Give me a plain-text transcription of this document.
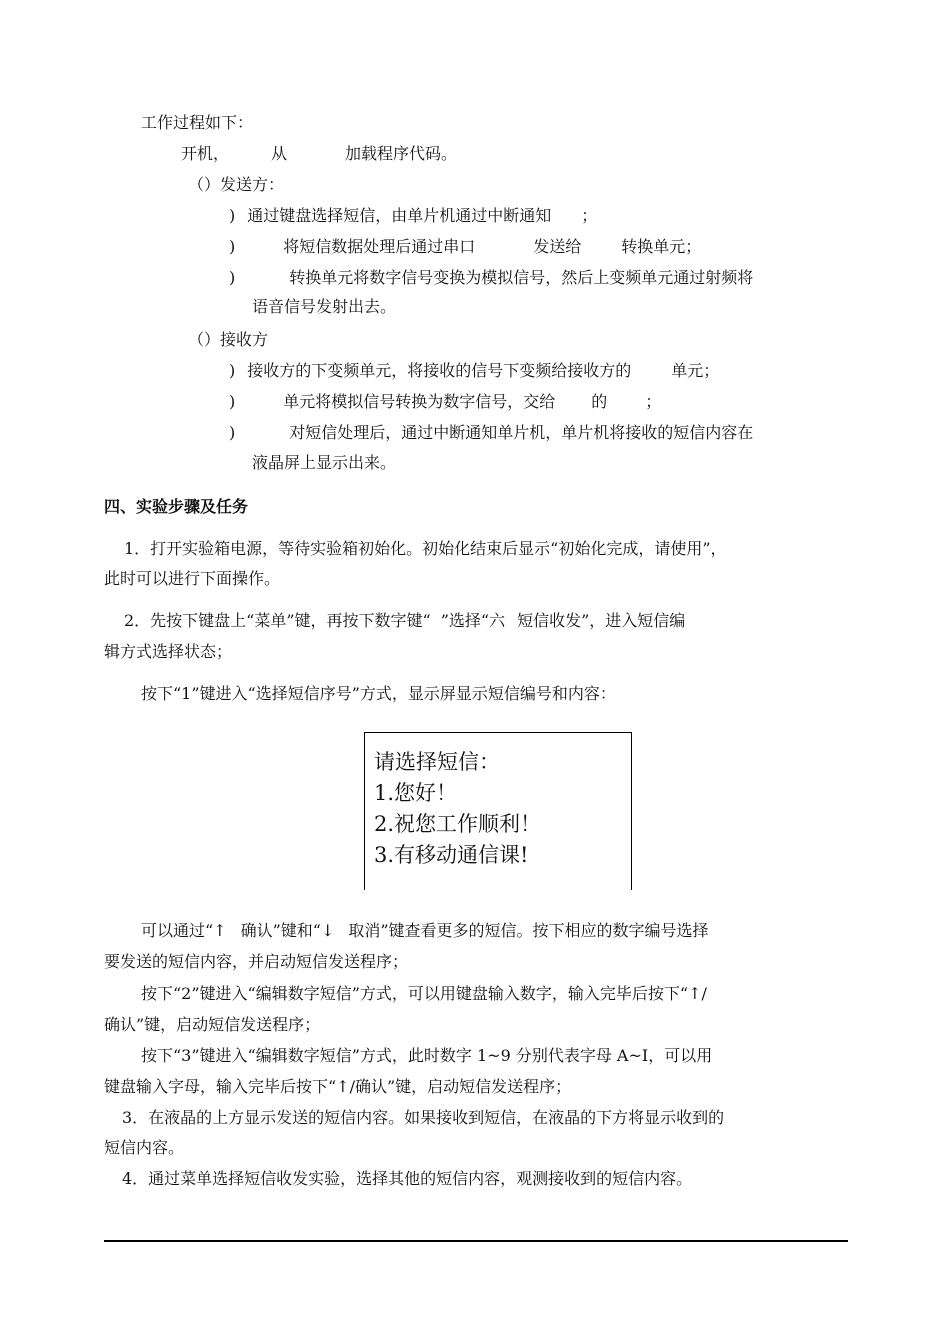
工作过程如下：
开机，	从	加载程序代码。
（）发送方：
) 通过键盘选择短信，由单片机通过中断通知 ；
)	将短信数据处理后通过串口	发送给	转换单元；
)	转换单元将数字信号变换为模拟信号，然后上变频单元通过射频将
语音信号发射出去。
（）接收方
) 接收方的下变频单元，将接收的信号下变频给接收方的	单元；
)	单元将模拟信号转换为数字信号，交给 的 ；
)	对短信处理后，通过中断通知单片机，单片机将接收的短信内容在
液晶屏上显示出来。
四、实验步骤及任务
1．打开实验箱电源，等待实验箱初始化。初始化结束后显示“初始化完成，请使用”，
此时可以进行下面操作。
2．先按下键盘上“菜单”键，再按下数字键“ ”选择“六 短信收发”，进入短信编
辑方式选择状态；
按下“1”键进入“选择短信序号”方式，显示屏显示短信编号和内容：
请选择短信：
1.您好！
2.祝您工作顺利！
3.有移动通信课!
可以通过“↑ 确认”键和“↓ 取消”键查看更多的短信。按下相应的数字编号选择
要发送的短信内容，并启动短信发送程序；
按下“2”键进入“编辑数字短信”方式，可以用键盘输入数字，输入完毕后按下“↑/
确认”键，启动短信发送程序；
按下“3”键进入“编辑数字短信”方式，此时数字 1~9 分别代表字母 A~I，可以用
键盘输入字母，输入完毕后按下“↑/确认”键，启动短信发送程序；
3．在液晶的上方显示发送的短信内容。如果接收到短信，在液晶的下方将显示收到的
短信内容。
4．通过菜单选择短信收发实验，选择其他的短信内容，观测接收到的短信内容。
